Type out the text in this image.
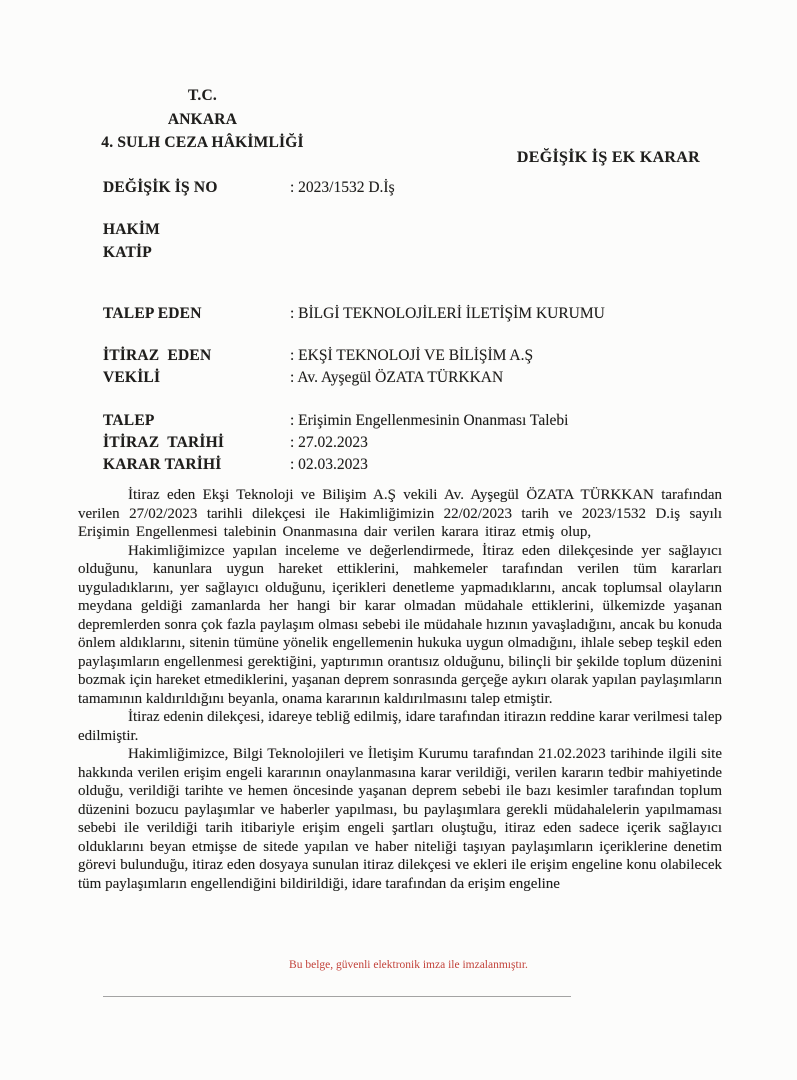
T.C.
ANKARA
4. SULH CEZA HÂKİMLİĞİ
DEĞİŞİK İŞ EK KARAR
DEĞİŞİK İŞ NO	: 2023/1532 D.İş
HAKİM
KATİP
TALEP EDEN	: BİLGİ TEKNOLOJİLERİ İLETİŞİM KURUMU
İTİRAZ  EDEN	: EKŞİ TEKNOLOJİ VE BİLİŞİM A.Ş
VEKİLİ	: Av. Ayşegül ÖZATA TÜRKKAN
TALEP	: Erişimin Engellenmesinin Onanması Talebi
İTİRAZ  TARİHİ	: 27.02.2023
KARAR TARİHİ	: 02.03.2023

İtiraz eden Ekşi Teknoloji ve Bilişim A.Ş vekili Av. Ayşegül ÖZATA TÜRKKAN tarafından verilen 27/02/2023 tarihli dilekçesi ile Hakimliğimizin 22/02/2023 tarih ve 2023/1532 D.iş sayılı Erişimin Engellenmesi talebinin Onanmasına dair verilen karara itiraz etmiş olup,

Hakimliğimizce yapılan inceleme ve değerlendirmede, İtiraz eden dilekçesinde yer sağlayıcı olduğunu, kanunlara uygun hareket ettiklerini, mahkemeler tarafından verilen tüm kararları uyguladıklarını, yer sağlayıcı olduğunu, içerikleri denetleme yapmadıklarını, ancak toplumsal olayların meydana geldiği zamanlarda her hangi bir karar olmadan müdahale ettiklerini, ülkemizde yaşanan depremlerden sonra çok fazla paylaşım olması sebebi ile müdahale hızının yavaşladığını, ancak bu konuda önlem aldıklarını, sitenin tümüne yönelik engellemenin hukuka uygun olmadığını, ihlale sebep teşkil eden paylaşımların engellenmesi gerektiğini, yaptırımın orantısız olduğunu, bilinçli bir şekilde toplum düzenini bozmak için hareket etmediklerini, yaşanan deprem sonrasında gerçeğe aykırı olarak yapılan paylaşımların tamamının kaldırıldığını beyanla, onama kararının kaldırılmasını talep etmiştir.

İtiraz edenin dilekçesi, idareye tebliğ edilmiş, idare tarafından itirazın reddine karar verilmesi talep edilmiştir.

Hakimliğimizce, Bilgi Teknolojileri ve İletişim Kurumu tarafından 21.02.2023 tarihinde ilgili site hakkında verilen erişim engeli kararının onaylanmasına karar verildiği, verilen kararın tedbir mahiyetinde olduğu, verildiği tarihte ve hemen öncesinde yaşanan deprem sebebi ile bazı kesimler tarafından toplum düzenini bozucu paylaşımlar ve haberler yapılması, bu paylaşımlara gerekli müdahalelerin yapılmaması sebebi ile verildiği tarih itibariyle erişim engeli şartları oluştuğu, itiraz eden sadece içerik sağlayıcı olduklarını beyan etmişse de sitede yapılan ve haber niteliği taşıyan paylaşımların içeriklerine denetim görevi bulunduğu, itiraz eden dosyaya sunulan itiraz dilekçesi ve ekleri ile erişim engeline konu olabilecek tüm paylaşımların engellendiğini bildirildiği, idare tarafından da erişim engeline

Bu belge, güvenli elektronik imza ile imzalanmıştır.
